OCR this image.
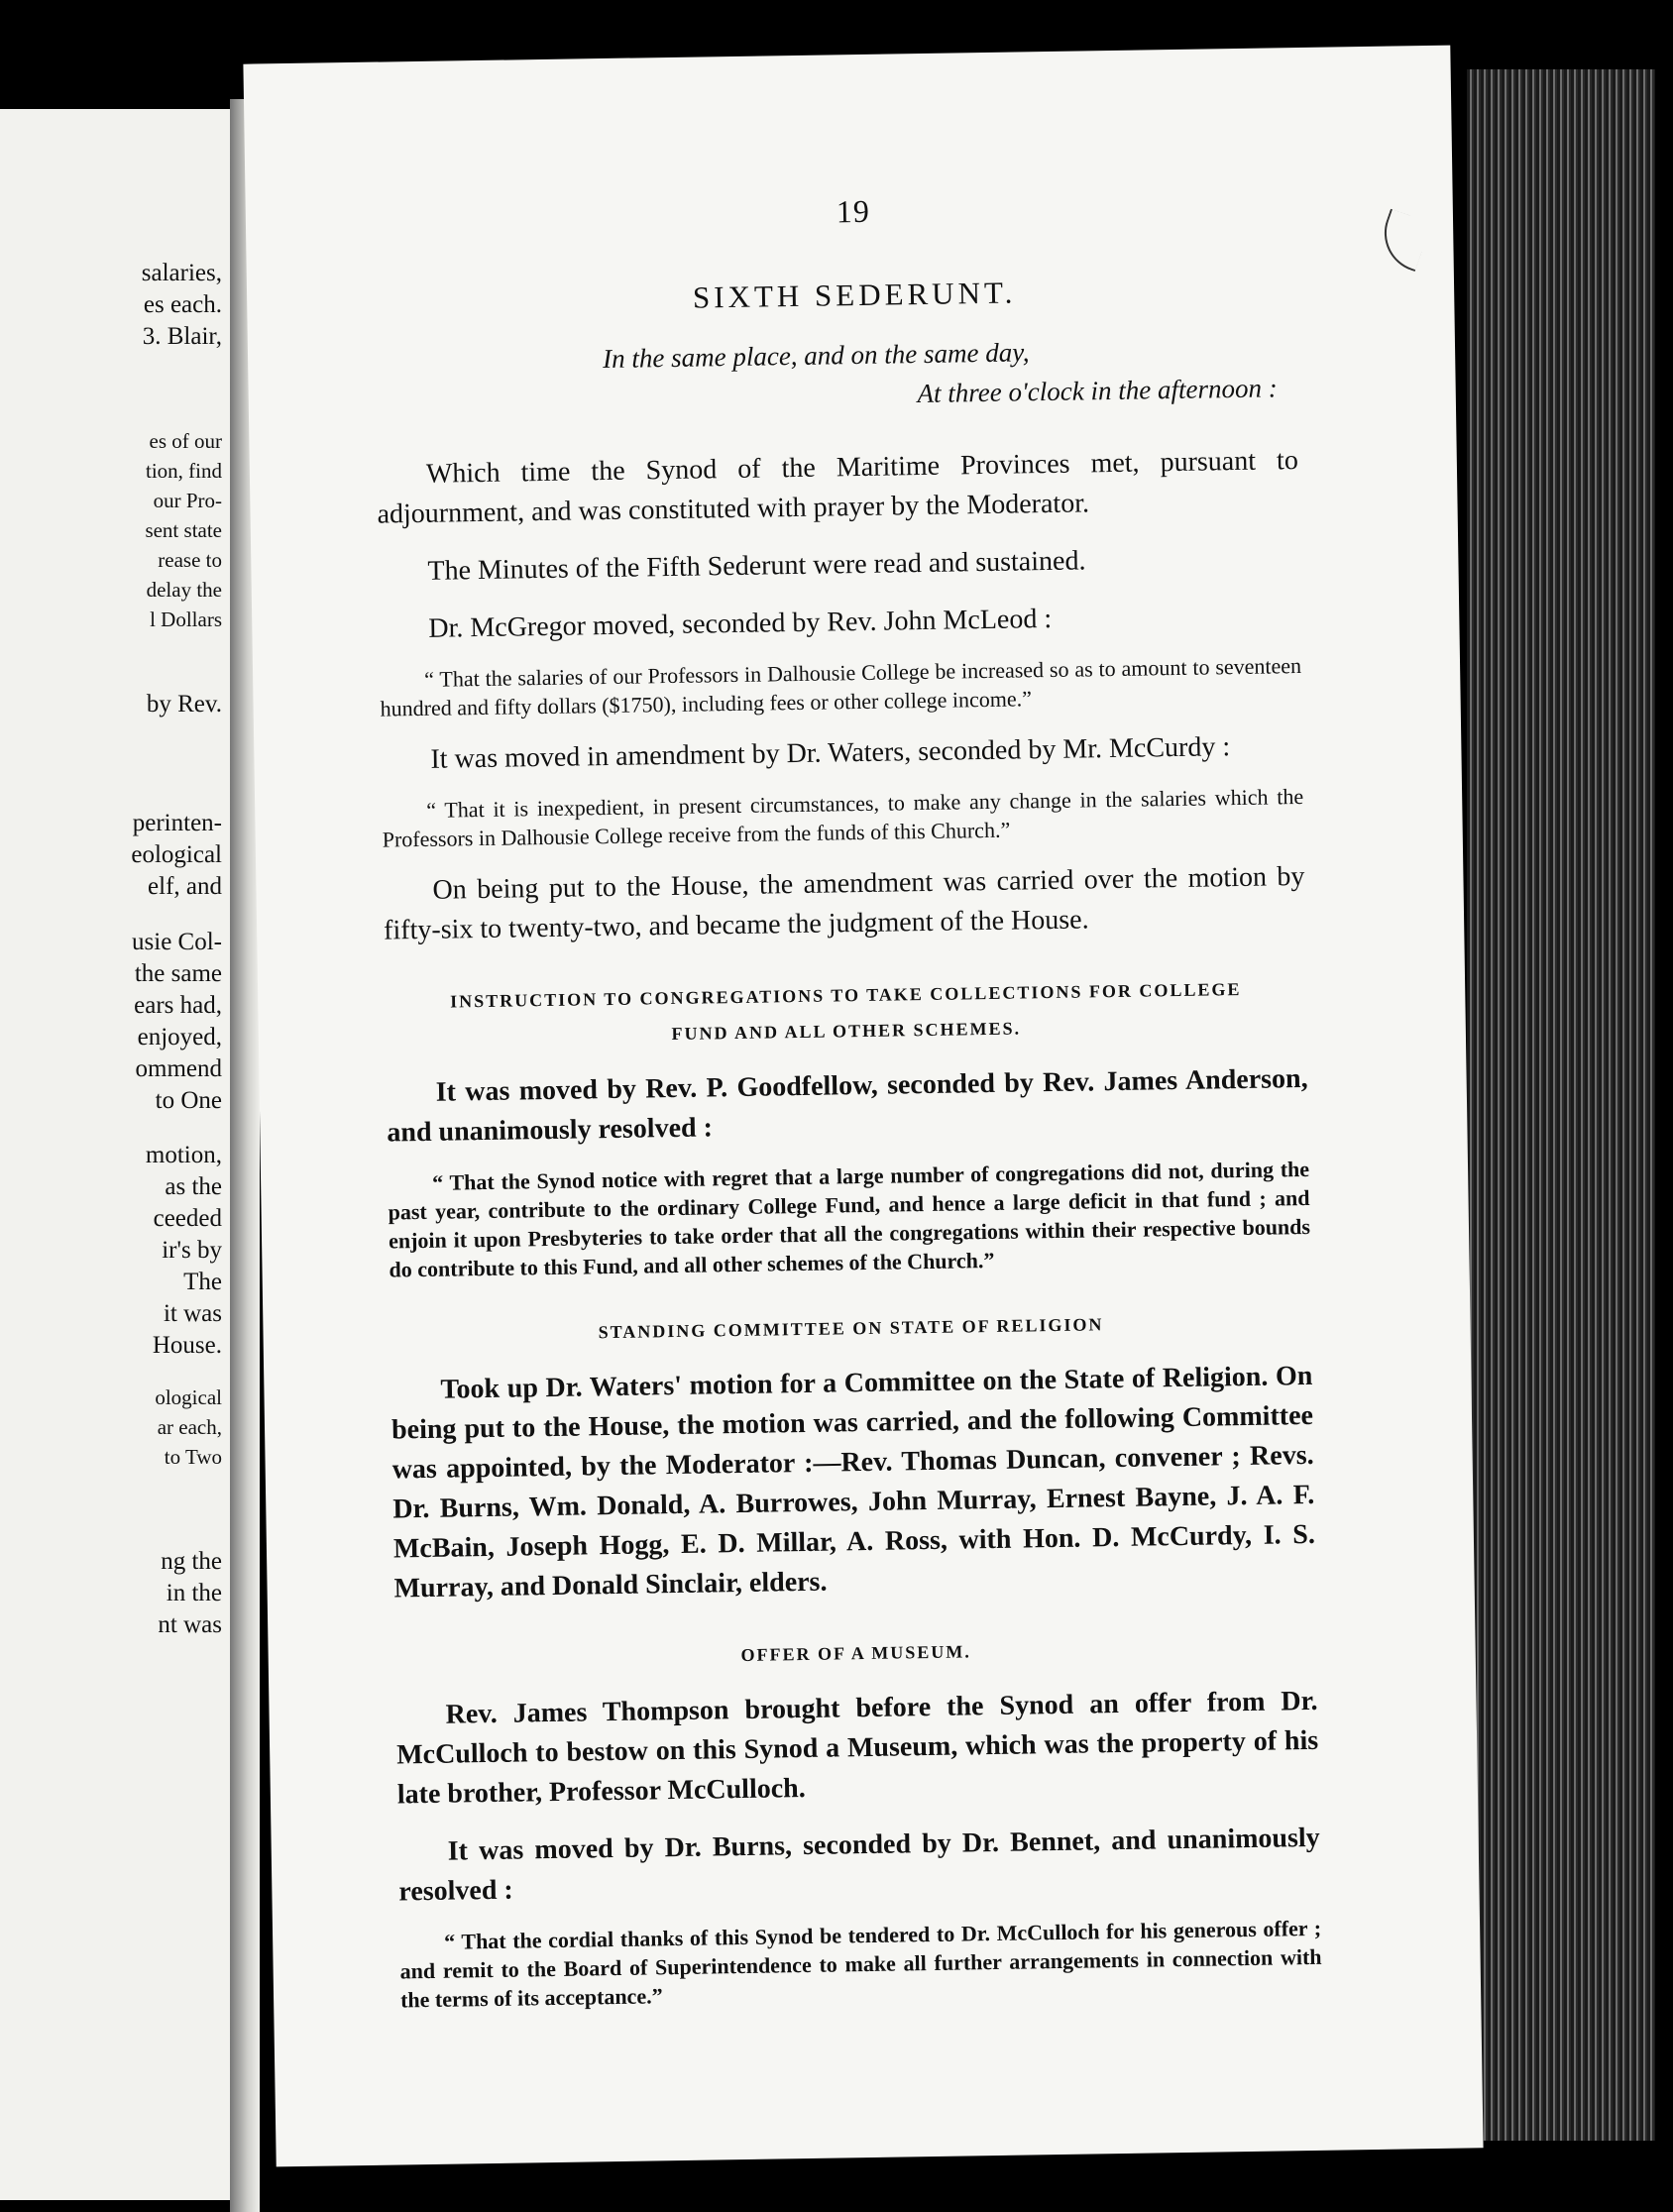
salaries,
es each.
3. Blair,
es of our
tion, find
our Pro-
sent state
rease to
delay the
l Dollars
by Rev.
perinten-
eological
elf, and
usie Col-
the same
ears had,
enjoyed,
ommend
to One
motion,
as the
ceeded
ir's by
The
it was
House.
ological
ar each,
to Two
ng the
in the
nt was
19
SIXTH SEDERUNT.

In the same place, and on the same day,

At three o'clock in the afternoon :

Which time the Synod of the Maritime Provinces met, pursuant to adjournment, and was constituted with prayer by the Moderator.

The Minutes of the Fifth Sederunt were read and sustained.

Dr. McGregor moved, seconded by Rev. John McLeod :

“ That the salaries of our Professors in Dalhousie College be increased so as to amount to seventeen hundred and fifty dollars ($1750), including fees or other college income.”

It was moved in amendment by Dr. Waters, seconded by Mr. McCurdy :

“ That it is inexpedient, in present circumstances, to make any change in the salaries which the Professors in Dalhousie College receive from the funds of this Church.”

On being put to the House, the amendment was carried over the motion by fifty-six to twenty-two, and became the judgment of the House.

INSTRUCTION TO CONGREGATIONS TO TAKE COLLECTIONS FOR COLLEGE
FUND AND ALL OTHER SCHEMES.

It was moved by Rev. P. Goodfellow, seconded by Rev. James Anderson, and unanimously resolved :

“ That the Synod notice with regret that a large number of congregations did not, during the past year, contribute to the ordinary College Fund, and hence a large deficit in that fund ; and enjoin it upon Presbyteries to take order that all the congregations within their respective bounds do contribute to this Fund, and all other schemes of the Church.”

STANDING COMMITTEE ON STATE OF RELIGION

Took up Dr. Waters' motion for a Committee on the State of Religion. On being put to the House, the motion was carried, and the following Committee was appointed, by the Moderator :—Rev. Thomas Duncan, convener ; Revs. Dr. Burns, Wm. Donald, A. Burrowes, John Murray, Ernest Bayne, J. A. F. McBain, Joseph Hogg, E. D. Millar, A. Ross, with Hon. D. McCurdy, I. S. Murray, and Donald Sinclair, elders.

OFFER OF A MUSEUM.

Rev. James Thompson brought before the Synod an offer from Dr. McCulloch to bestow on this Synod a Museum, which was the property of his late brother, Professor McCulloch.

It was moved by Dr. Burns, seconded by Dr. Bennet, and unanimously resolved :

“ That the cordial thanks of this Synod be tendered to Dr. McCulloch for his generous offer ; and remit to the Board of Superintendence to make all further arrangements in connection with the terms of its acceptance.”
